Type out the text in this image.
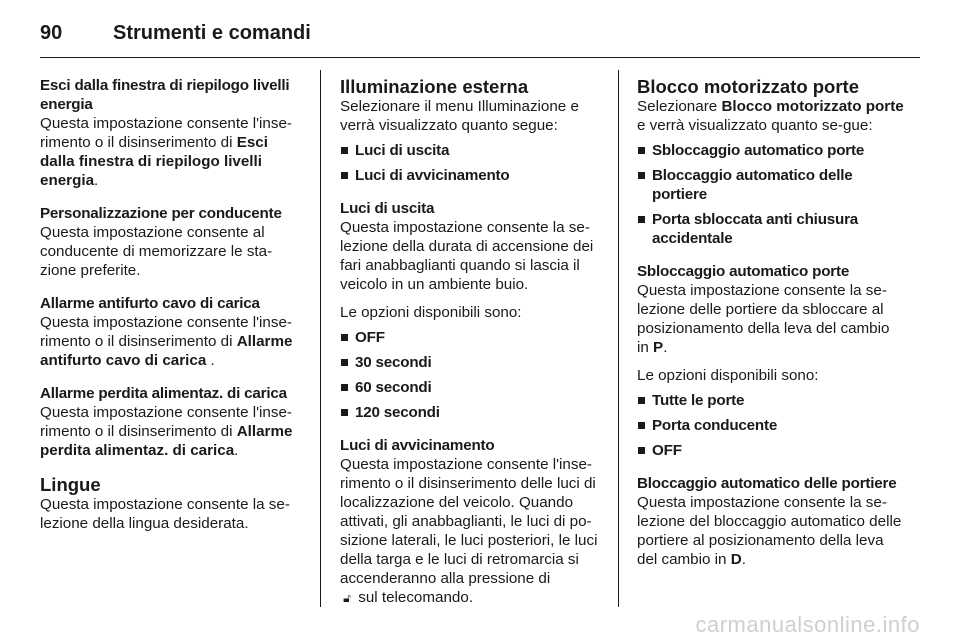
90	Strumenti e comandi
Esci dalla finestra di riepilogo livelli energia

Questa impostazione consente l'inse-rimento o il disinserimento di Esci dalla finestra di riepilogo livelli energia.

Personalizzazione per conducente

Questa impostazione consente al conducente di memorizzare le sta-zione preferite.

Allarme antifurto cavo di carica

Questa impostazione consente l'inse-rimento o il disinserimento di Allarme antifurto cavo di carica .

Allarme perdita alimentaz. di carica

Questa impostazione consente l'inse-rimento o il disinserimento di Allarme perdita alimentaz. di carica.

Lingue

Questa impostazione consente la se-lezione della lingua desiderata.

Illuminazione esterna

Selezionare il menu Illuminazione e verrà visualizzato quanto segue:

Luci di uscita
Luci di avvicinamento
Luci di uscita

Questa impostazione consente la se-lezione della durata di accensione dei fari anabbaglianti quando si lascia il veicolo in un ambiente buio.

Le opzioni disponibili sono:

OFF
30 secondi
60 secondi
120 secondi
Luci di avvicinamento

Questa impostazione consente l'inse-rimento o il disinserimento delle luci di localizzazione del veicolo. Quando attivati, gli anabbaglianti, le luci di po-sizione laterali, le luci posteriori, le luci della targa e le luci di retromarcia si accenderanno alla pressione di
🔓︎ sul telecomando.

Blocco motorizzato porte

Selezionare Blocco motorizzato porte e verrà visualizzato quanto se-gue:

Sbloccaggio automatico porte
Bloccaggio automatico delle portiere
Porta sbloccata anti chiusura accidentale
Sbloccaggio automatico porte

Questa impostazione consente la se-lezione delle portiere da sbloccare al posizionamento della leva del cambio in P.

Le opzioni disponibili sono:

Tutte le porte
Porta conducente
OFF
Bloccaggio automatico delle portiere

Questa impostazione consente la se-lezione del bloccaggio automatico delle portiere al posizionamento della leva del cambio in D.

carmanualsonline.info
